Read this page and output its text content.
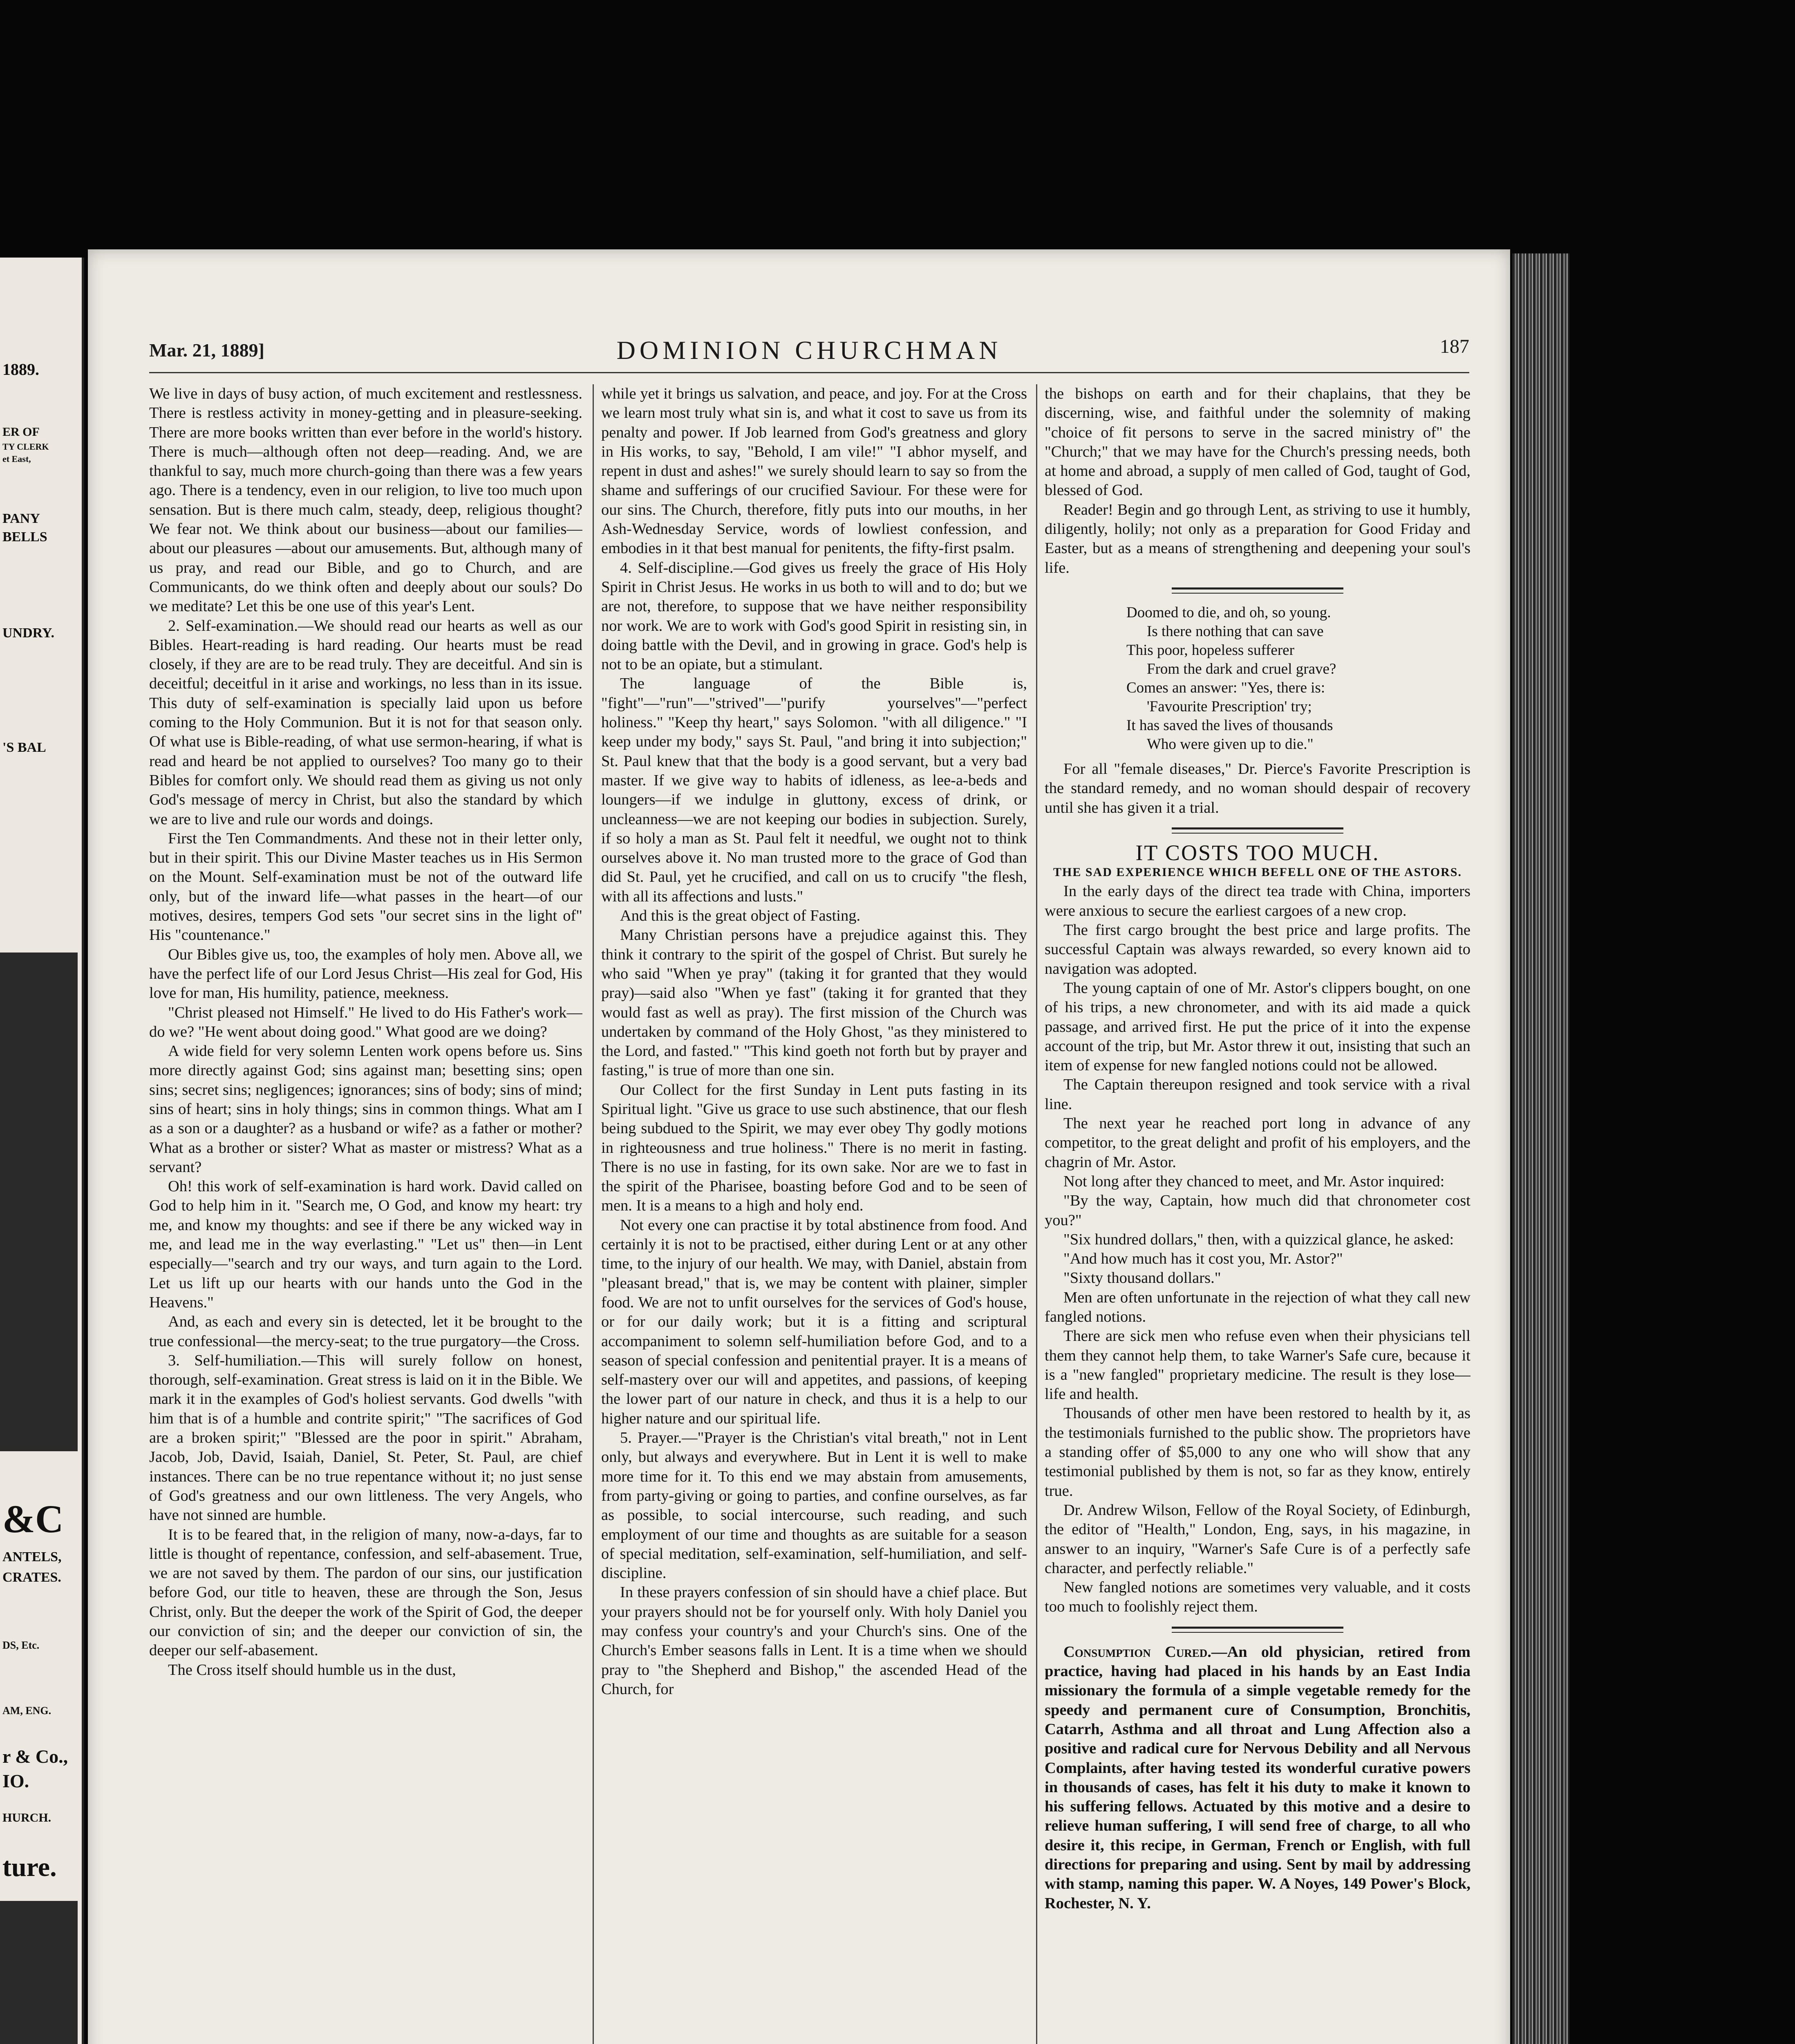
1889.
ER OF
TY CLERK
et East,
PANY
BELLS
UNDRY.
'S BAL
&C
ANTELS,
CRATES.
DS, Etc.
AM, ENG.
r & Co.,
IO.
HURCH.
ture.
Mar. 21, 1889]	DOMINION CHURCHMAN	187

We live in days of busy action, of much excitement and restlessness. There is restless activity in money-getting and in pleasure-seeking. There are more books written than ever before in the world's history. There is much—although often not deep—reading. And, we are thankful to say, much more church-going than there was a few years ago. There is a tendency, even in our religion, to live too much upon sensation. But is there much calm, steady, deep, religious thought? We fear not. We think about our business—about our families—about our pleasures —about our amusements. But, although many of us pray, and read our Bible, and go to Church, and are Communicants, do we think often and deeply about our souls? Do we meditate? Let this be one use of this year's Lent.

2. Self-examination.—We should read our hearts as well as our Bibles. Heart-reading is hard reading. Our hearts must be read closely, if they are are to be read truly. They are deceitful. And sin is deceitful; deceitful in it arise and workings, no less than in its issue. This duty of self-examination is specially laid upon us before coming to the Holy Communion. But it is not for that season only. Of what use is Bible-reading, of what use sermon-hearing, if what is read and heard be not applied to ourselves? Too many go to their Bibles for comfort only. We should read them as giving us not only God's message of mercy in Christ, but also the standard by which we are to live and rule our words and doings.

First the Ten Commandments. And these not in their letter only, but in their spirit. This our Divine Master teaches us in His Sermon on the Mount. Self-examination must be not of the outward life only, but of the inward life—what passes in the heart—of our motives, desires, tempers God sets "our secret sins in the light of" His "countenance."

Our Bibles give us, too, the examples of holy men. Above all, we have the perfect life of our Lord Jesus Christ—His zeal for God, His love for man, His humility, patience, meekness.

"Christ pleased not Himself." He lived to do His Father's work—do we? "He went about doing good." What good are we doing?

A wide field for very solemn Lenten work opens before us. Sins more directly against God; sins against man; besetting sins; open sins; secret sins; negligences; ignorances; sins of body; sins of mind; sins of heart; sins in holy things; sins in common things. What am I as a son or a daughter? as a husband or wife? as a father or mother? What as a brother or sister? What as master or mistress? What as a servant?

Oh! this work of self-examination is hard work. David called on God to help him in it. "Search me, O God, and know my heart: try me, and know my thoughts: and see if there be any wicked way in me, and lead me in the way everlasting." "Let us" then—in Lent especially—"search and try our ways, and turn again to the Lord. Let us lift up our hearts with our hands unto the God in the Heavens."

And, as each and every sin is detected, let it be brought to the true confessional—the mercy-seat; to the true purgatory—the Cross.

3. Self-humiliation.—This will surely follow on honest, thorough, self-examination. Great stress is laid on it in the Bible. We mark it in the examples of God's holiest servants. God dwells "with him that is of a humble and contrite spirit;" "The sacrifices of God are a broken spirit;" "Blessed are the poor in spirit." Abraham, Jacob, Job, David, Isaiah, Daniel, St. Peter, St. Paul, are chief instances. There can be no true repentance without it; no just sense of God's greatness and our own littleness. The very Angels, who have not sinned are humble.

It is to be feared that, in the religion of many, now-a-days, far to little is thought of repentance, confession, and self-abasement. True, we are not saved by them. The pardon of our sins, our justification before God, our title to heaven, these are through the Son, Jesus Christ, only. But the deeper the work of the Spirit of God, the deeper our conviction of sin; and the deeper our conviction of sin, the deeper our self-abasement.

The Cross itself should humble us in the dust,

while yet it brings us salvation, and peace, and joy. For at the Cross we learn most truly what sin is, and what it cost to save us from its penalty and power. If Job learned from God's greatness and glory in His works, to say, "Behold, I am vile!" "I abhor myself, and repent in dust and ashes!" we surely should learn to say so from the shame and sufferings of our crucified Saviour. For these were for our sins. The Church, therefore, fitly puts into our mouths, in her Ash-Wednesday Service, words of lowliest confession, and embodies in it that best manual for penitents, the fifty-first psalm.

4. Self-discipline.—God gives us freely the grace of His Holy Spirit in Christ Jesus. He works in us both to will and to do; but we are not, therefore, to suppose that we have neither responsibility nor work. We are to work with God's good Spirit in resisting sin, in doing battle with the Devil, and in growing in grace. God's help is not to be an opiate, but a stimulant.

The language of the Bible is, "fight"—"run"—"strived"—"purify yourselves"—"perfect holiness." "Keep thy heart," says Solomon. "with all diligence." "I keep under my body," says St. Paul, "and bring it into subjection;" St. Paul knew that that the body is a good servant, but a very bad master. If we give way to habits of idleness, as lee-a-beds and loungers—if we indulge in gluttony, excess of drink, or uncleanness—we are not keeping our bodies in subjection. Surely, if so holy a man as St. Paul felt it needful, we ought not to think ourselves above it. No man trusted more to the grace of God than did St. Paul, yet he crucified, and call on us to crucify "the flesh, with all its affections and lusts."

And this is the great object of Fasting.

Many Christian persons have a prejudice against this. They think it contrary to the spirit of the gospel of Christ. But surely he who said "When ye pray" (taking it for granted that they would pray)—said also "When ye fast" (taking it for granted that they would fast as well as pray). The first mission of the Church was undertaken by command of the Holy Ghost, "as they ministered to the Lord, and fasted." "This kind goeth not forth but by prayer and fasting," is true of more than one sin.

Our Collect for the first Sunday in Lent puts fasting in its Spiritual light. "Give us grace to use such abstinence, that our flesh being subdued to the Spirit, we may ever obey Thy godly motions in righteousness and true holiness." There is no merit in fasting. There is no use in fasting, for its own sake. Nor are we to fast in the spirit of the Pharisee, boasting before God and to be seen of men. It is a means to a high and holy end.

Not every one can practise it by total abstinence from food. And certainly it is not to be practised, either during Lent or at any other time, to the injury of our health. We may, with Daniel, abstain from "pleasant bread," that is, we may be content with plainer, simpler food. We are not to unfit ourselves for the services of God's house, or for our daily work; but it is a fitting and scriptural accompaniment to solemn self-humiliation before God, and to a season of special confession and penitential prayer. It is a means of self-mastery over our will and appetites, and passions, of keeping the lower part of our nature in check, and thus it is a help to our higher nature and our spiritual life.

5. Prayer.—"Prayer is the Christian's vital breath," not in Lent only, but always and everywhere. But in Lent it is well to make more time for it. To this end we may abstain from amusements, from party-giving or going to parties, and confine ourselves, as far as possible, to social intercourse, such reading, and such employment of our time and thoughts as are suitable for a season of special meditation, self-examination, self-humiliation, and self-discipline.

In these prayers confession of sin should have a chief place. But your prayers should not be for yourself only. With holy Daniel you may confess your country's and your Church's sins. One of the Church's Ember seasons falls in Lent. It is a time when we should pray to "the Shepherd and Bishop," the ascended Head of the Church, for

the bishops on earth and for their chaplains, that they be discerning, wise, and faithful under the solemnity of making "choice of fit persons to serve in the sacred ministry of" the "Church;" that we may have for the Church's pressing needs, both at home and abroad, a supply of men called of God, taught of God, blessed of God.

Reader! Begin and go through Lent, as striving to use it humbly, diligently, holily; not only as a preparation for Good Friday and Easter, but as a means of strengthening and deepening your soul's life.

Doomed to die, and oh, so young.
Is there nothing that can save
This poor, hopeless sufferer
From the dark and cruel grave?
Comes an answer: "Yes, there is:
'Favourite Prescription' try;
It has saved the lives of thousands
Who were given up to die."

For all "female diseases," Dr. Pierce's Favorite Prescription is the standard remedy, and no woman should despair of recovery until she has given it a trial.

IT COSTS TOO MUCH.

THE SAD EXPERIENCE WHICH BEFELL ONE OF THE ASTORS.

In the early days of the direct tea trade with China, importers were anxious to secure the earliest cargoes of a new crop.

The first cargo brought the best price and large profits. The successful Captain was always rewarded, so every known aid to navigation was adopted.

The young captain of one of Mr. Astor's clippers bought, on one of his trips, a new chronometer, and with its aid made a quick passage, and arrived first. He put the price of it into the expense account of the trip, but Mr. Astor threw it out, insisting that such an item of expense for new fangled notions could not be allowed.

The Captain thereupon resigned and took service with a rival line.

The next year he reached port long in advance of any competitor, to the great delight and profit of his employers, and the chagrin of Mr. Astor.

Not long after they chanced to meet, and Mr. Astor inquired:

"By the way, Captain, how much did that chronometer cost you?"

"Six hundred dollars," then, with a quizzical glance, he asked:

"And how much has it cost you, Mr. Astor?"

"Sixty thousand dollars."

Men are often unfortunate in the rejection of what they call new fangled notions.

There are sick men who refuse even when their physicians tell them they cannot help them, to take Warner's Safe cure, because it is a "new fangled" proprietary medicine. The result is they lose—life and health.

Thousands of other men have been restored to health by it, as the testimonials furnished to the public show. The proprietors have a standing offer of $5,000 to any one who will show that any testimonial published by them is not, so far as they know, entirely true.

Dr. Andrew Wilson, Fellow of the Royal Society, of Edinburgh, the editor of "Health," London, Eng, says, in his magazine, in answer to an inquiry, "Warner's Safe Cure is of a perfectly safe character, and perfectly reliable."

New fangled notions are sometimes very valuable, and it costs too much to foolishly reject them.

Consumption Cured.—An old physician, retired from practice, having had placed in his hands by an East India missionary the formula of a simple vegetable remedy for the speedy and permanent cure of Consumption, Bronchitis, Catarrh, Asthma and all throat and Lung Affection also a positive and radical cure for Nervous Debility and all Nervous Complaints, after having tested its wonderful curative powers in thousands of cases, has felt it his duty to make it known to his suffering fellows. Actuated by this motive and a desire to relieve human suffering, I will send free of charge, to all who desire it, this recipe, in German, French or English, with full directions for preparing and using. Sent by mail by addressing with stamp, naming this paper. W. A Noyes, 149 Power's Block, Rochester, N. Y.
